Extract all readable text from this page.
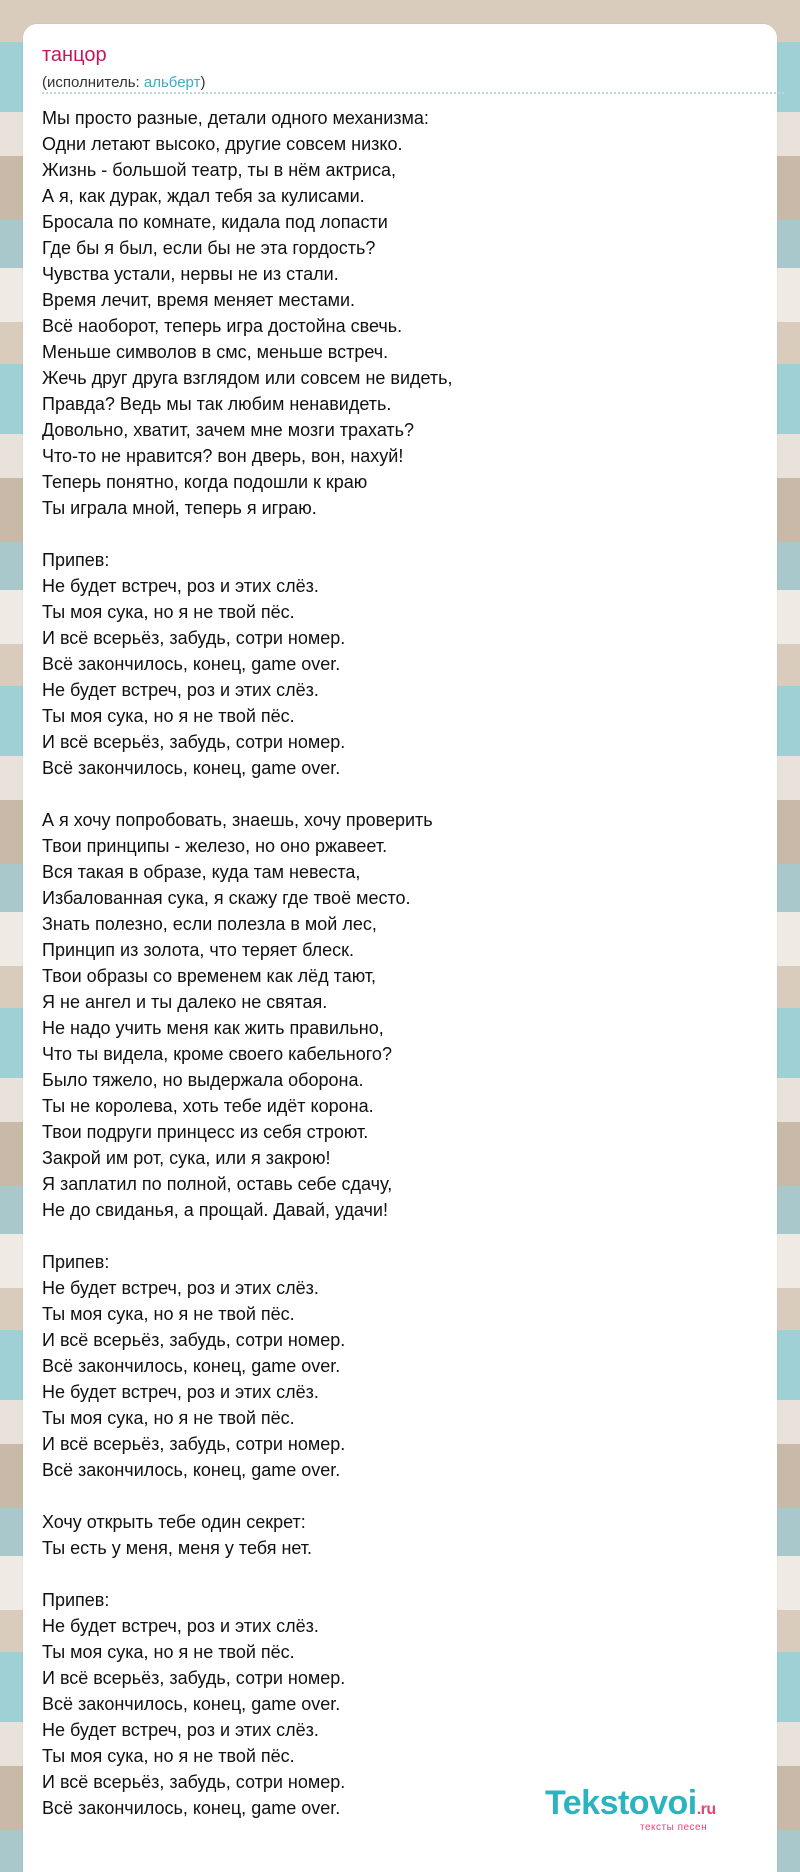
танцор
(исполнитель: альберт)
Мы просто разные, детали одного механизма:
Одни летают высоко, другие совсем низко.
Жизнь - большой театр, ты в нём актриса,
А я, как дурак, ждал тебя за кулисами.
Бросала по комнате, кидала под лопасти
Где бы я был, если бы не эта гордость?
Чувства устали, нервы не из стали.
Время лечит, время меняет местами.
Всё наоборот, теперь игра достойна свечь.
Меньше символов в смс, меньше встреч.
Жечь друг друга взглядом или совсем не видеть,
Правда? Ведь мы так любим ненавидеть.
Довольно, хватит, зачем мне мозги трахать?
Что-то не нравится? вон дверь, вон, нахуй!
Теперь понятно, когда подошли к краю
Ты играла мной, теперь я играю.

Припев:
Не будет встреч, роз и этих слёз.
Ты моя сука, но я не твой пёс.
И всё всерьёз, забудь, сотри номер.
Всё закончилось, конец, game over.
Не будет встреч, роз и этих слёз.
Ты моя сука, но я не твой пёс.
И всё всерьёз, забудь, сотри номер.
Всё закончилось, конец, game over.

А я хочу попробовать, знаешь, хочу проверить
Твои принципы - железо, но оно ржавеет.
Вся такая в образе, куда там невеста,
Избалованная сука, я скажу где твоё место.
Знать полезно, если полезла в мой лес,
Принцип из золота, что теряет блеск.
Твои образы со временем как лёд тают,
Я не ангел и ты далеко не святая.
Не надо учить меня как жить правильно,
Что ты видела, кроме своего кабельного?
Было тяжело, но выдержала оборона.
Ты не королева, хоть тебе идёт корона.
Твои подруги принцесс из себя строют.
Закрой им рот, сука, или я закрою!
Я заплатил по полной, оставь себе сдачу,
Не до свиданья, а прощай. Давай, удачи!

Припев:
Не будет встреч, роз и этих слёз.
Ты моя сука, но я не твой пёс.
И всё всерьёз, забудь, сотри номер.
Всё закончилось, конец, game over.
Не будет встреч, роз и этих слёз.
Ты моя сука, но я не твой пёс.
И всё всерьёз, забудь, сотри номер.
Всё закончилось, конец, game over.

Хочу открыть тебе один секрет:
Ты есть у меня, меня у тебя нет.

Припев:
Не будет встреч, роз и этих слёз.
Ты моя сука, но я не твой пёс.
И всё всерьёз, забудь, сотри номер.
Всё закончилось, конец, game over.
Не будет встреч, роз и этих слёз.
Ты моя сука, но я не твой пёс.
И всё всерьёз, забудь, сотри номер.
Всё закончилось, конец, game over.	Tekstovoi.ru
тексты песен
